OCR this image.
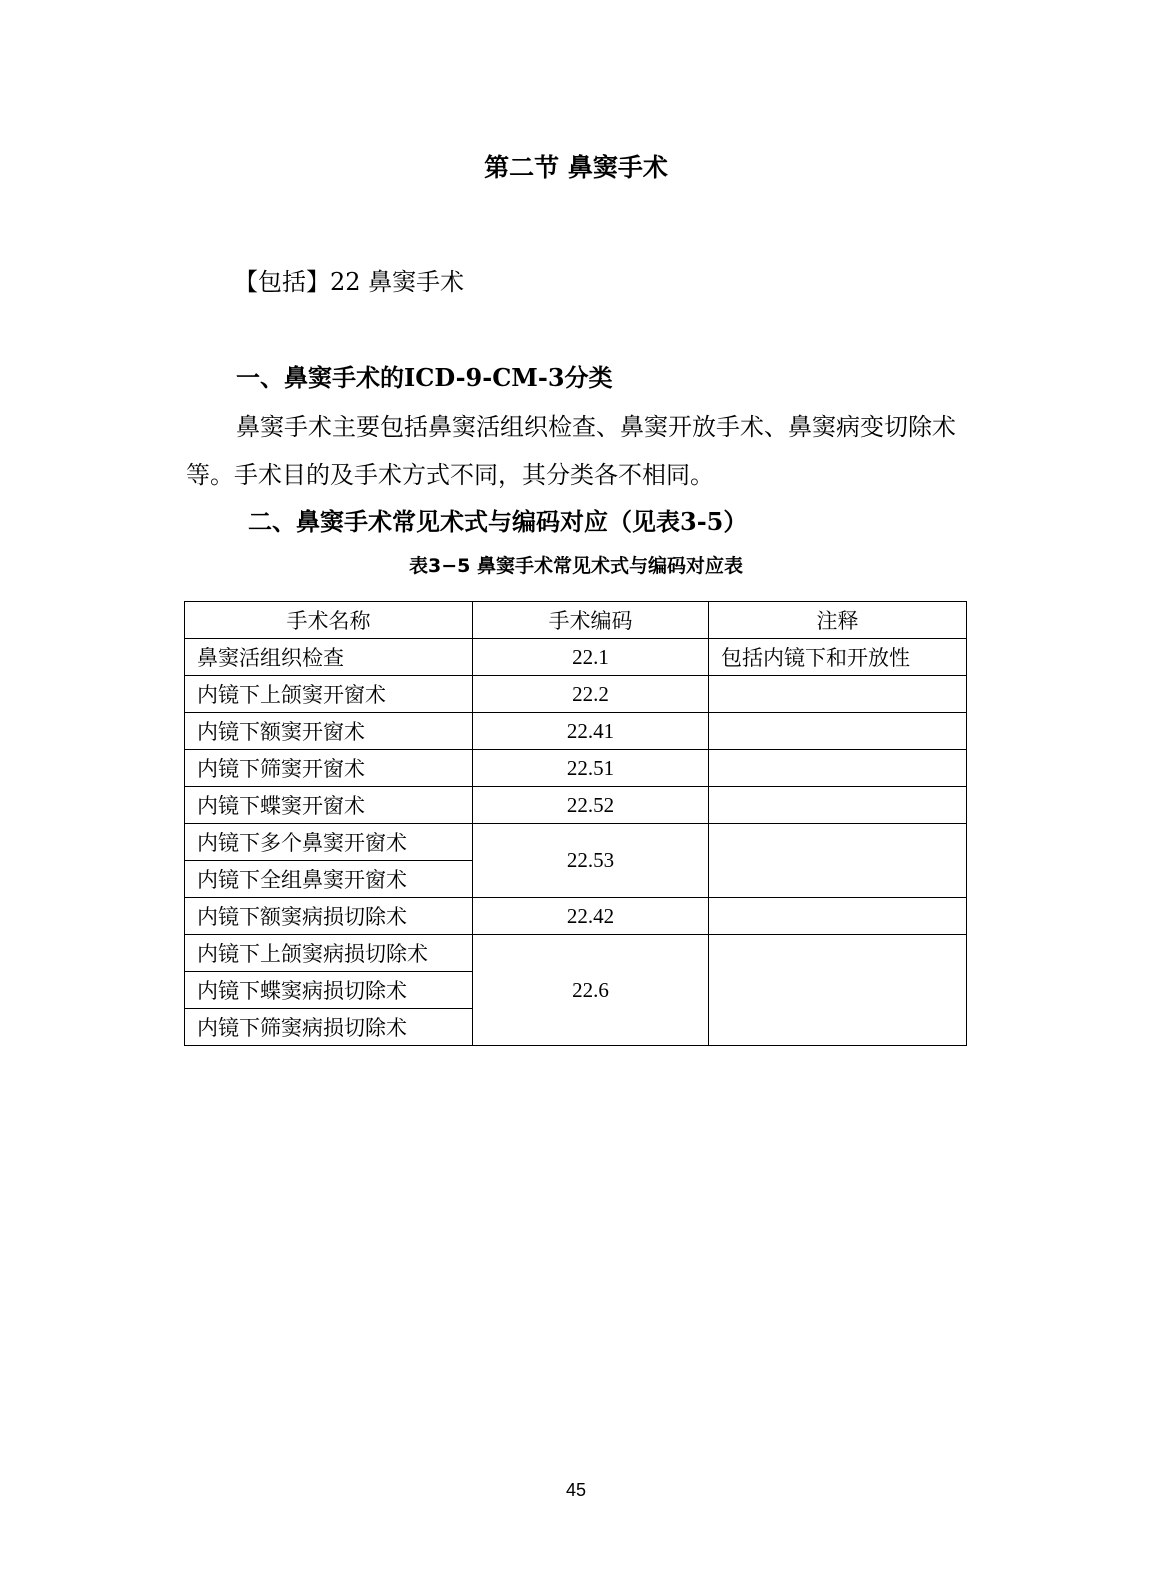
第二节 鼻窦手术
【包括】22 鼻窦手术
一、鼻窦手术的ICD-9-CM-3分类
鼻窦手术主要包括鼻窦活组织检查、鼻窦开放手术、鼻窦病变切除术等。手术目的及手术方式不同，其分类各不相同。
二、鼻窦手术常见术式与编码对应（见表3-5）
表3−5 鼻窦手术常见术式与编码对应表
手术名称	手术编码	注释
鼻窦活组织检查	22.1	包括内镜下和开放性
内镜下上颌窦开窗术	22.2	
内镜下额窦开窗术	22.41	
内镜下筛窦开窗术	22.51	
内镜下蝶窦开窗术	22.52	
内镜下多个鼻窦开窗术	22.53	
内镜下全组鼻窦开窗术		
内镜下额窦病损切除术	22.42	
内镜下上颌窦病损切除术	22.6	
内镜下蝶窦病损切除术		
内镜下筛窦病损切除术		
45
